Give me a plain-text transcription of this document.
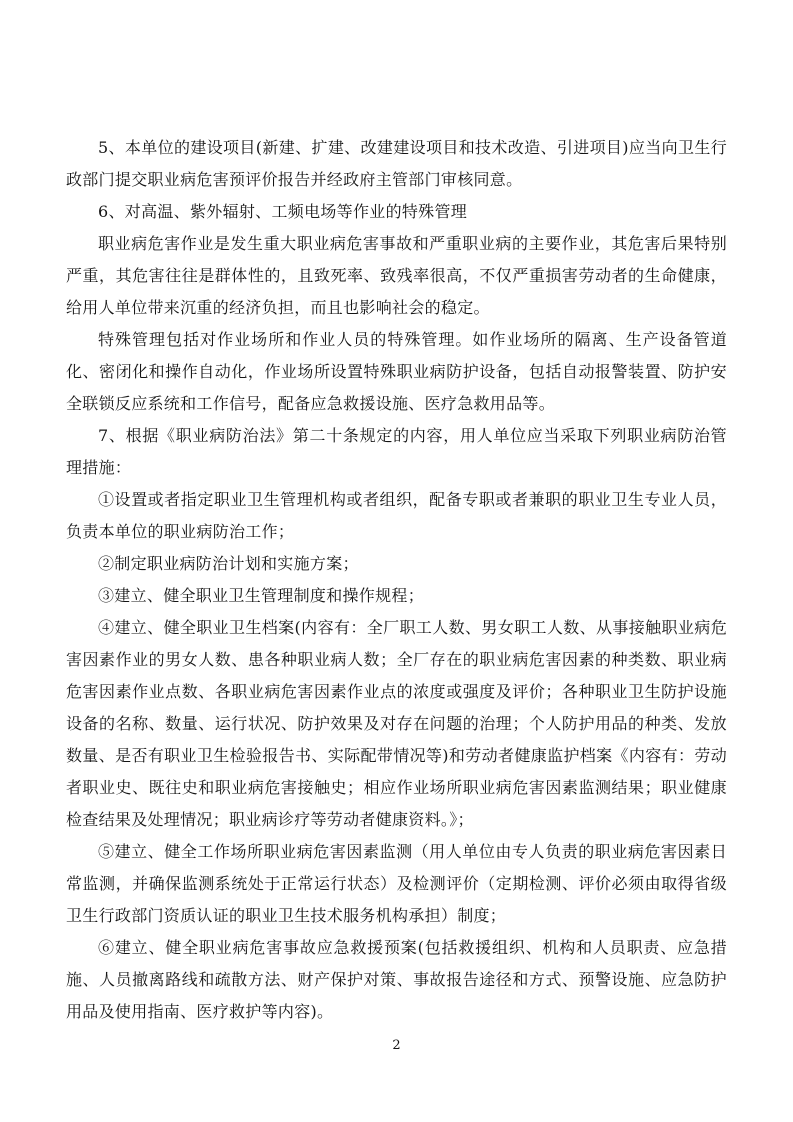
5、本单位的建设项目(新建、扩建、改建建设项目和技术改造、引进项目)应当向卫生行政部门提交职业病危害预评价报告并经政府主管部门审核同意。

6、对高温、紫外辐射、工频电场等作业的特殊管理

职业病危害作业是发生重大职业病危害事故和严重职业病的主要作业，其危害后果特别严重，其危害往往是群体性的，且致死率、致残率很高，不仅严重损害劳动者的生命健康，给用人单位带来沉重的经济负担，而且也影响社会的稳定。

特殊管理包括对作业场所和作业人员的特殊管理。如作业场所的隔离、生产设备管道化、密闭化和操作自动化，作业场所设置特殊职业病防护设备，包括自动报警装置、防护安全联锁反应系统和工作信号，配备应急救援设施、医疗急救用品等。

7、根据《职业病防治法》第二十条规定的内容，用人单位应当采取下列职业病防治管理措施：

①设置或者指定职业卫生管理机构或者组织，配备专职或者兼职的职业卫生专业人员，负责本单位的职业病防治工作；

②制定职业病防治计划和实施方案；

③建立、健全职业卫生管理制度和操作规程；

④建立、健全职业卫生档案(内容有：全厂职工人数、男女职工人数、从事接触职业病危害因素作业的男女人数、患各种职业病人数；全厂存在的职业病危害因素的种类数、职业病危害因素作业点数、各职业病危害因素作业点的浓度或强度及评价；各种职业卫生防护设施设备的名称、数量、运行状况、防护效果及对存在问题的治理；个人防护用品的种类、发放数量、是否有职业卫生检验报告书、实际配带情况等)和劳动者健康监护档案《内容有：劳动者职业史、既往史和职业病危害接触史；相应作业场所职业病危害因素监测结果；职业健康检查结果及处理情况；职业病诊疗等劳动者健康资料。》；

⑤建立、健全工作场所职业病危害因素监测（用人单位由专人负责的职业病危害因素日常监测，并确保监测系统处于正常运行状态）及检测评价（定期检测、评价必须由取得省级卫生行政部门资质认证的职业卫生技术服务机构承担）制度；

⑥建立、健全职业病危害事故应急救援预案(包括救援组织、机构和人员职责、应急措施、人员撤离路线和疏散方法、财产保护对策、事故报告途径和方式、预警设施、应急防护用品及使用指南、医疗救护等内容)。

2
